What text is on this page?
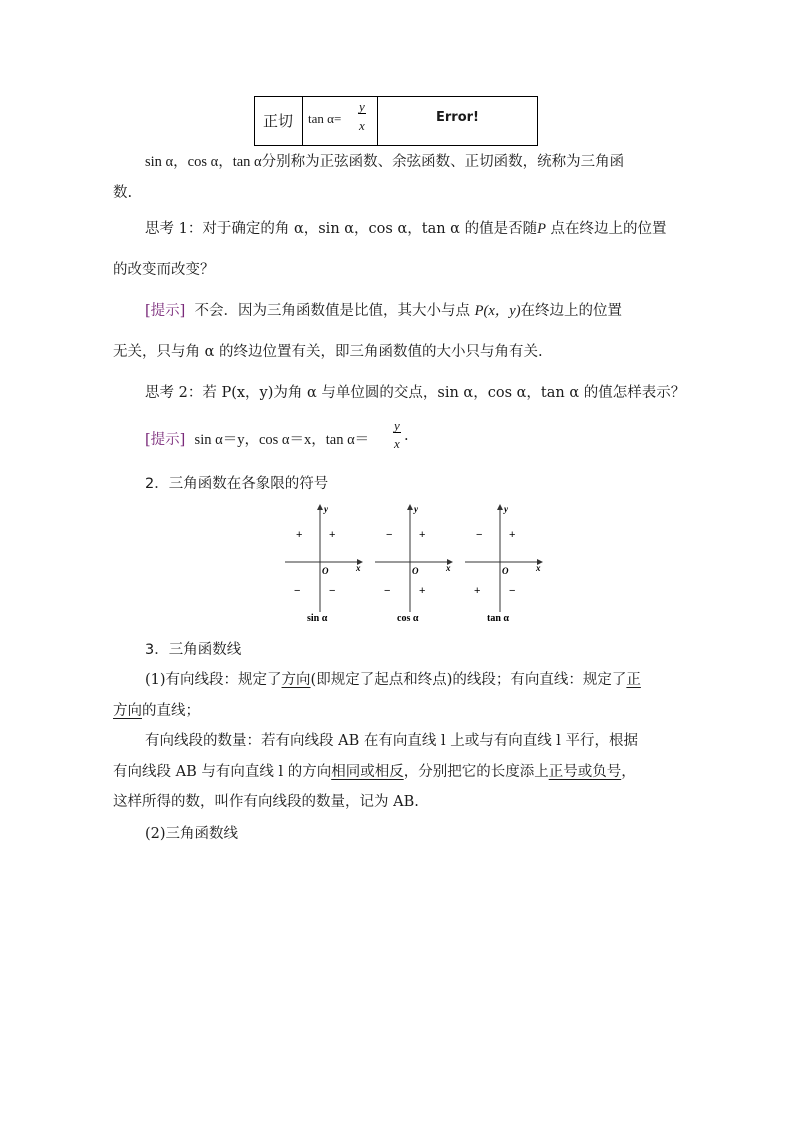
正切 $\tan \alpha= \frac{y}{x}$	Error!
sin α，cos α，tan α分别称为正弦函数、余弦函数、正切函数，统称为三角函
数.
思考 1：对于确定的角 α，sin α，cos α，tan α 的值是否随P 点在终边上的位置
的改变而改变？
[提示] 不会．因为三角函数值是比值，其大小与点 P(x，y)在终边上的位置
无关，只与角 α 的终边位置有关，即三角函数值的大小只与角有关.
思考 2：若 P(x，y)为角 α 与单位圆的交点，sin α，cos α，tan α 的值怎样表示？
[提示] sin α＝y，cos α＝x，$\tan \alpha= \frac{y}{x}$ .
2．三角函数在各象限的符号
y
x
O
+ +
−	−
sin α
y
x
O
− +
−	+
cos α
y
x
O
− +
+	−
tan α
3．三角函数线
(1)有向线段：规定了方向(即规定了起点和终点)的线段；有向直线：规定了正
方向的直线；
有向线段的数量：若有向线段 AB 在有向直线 l 上或与有向直线 l 平行，根据
有向线段 AB 与有向直线 l 的方向相同或相反，分别把它的长度添上正号或负号，
这样所得的数，叫作有向线段的数量，记为 AB.
(2)三角函数线
